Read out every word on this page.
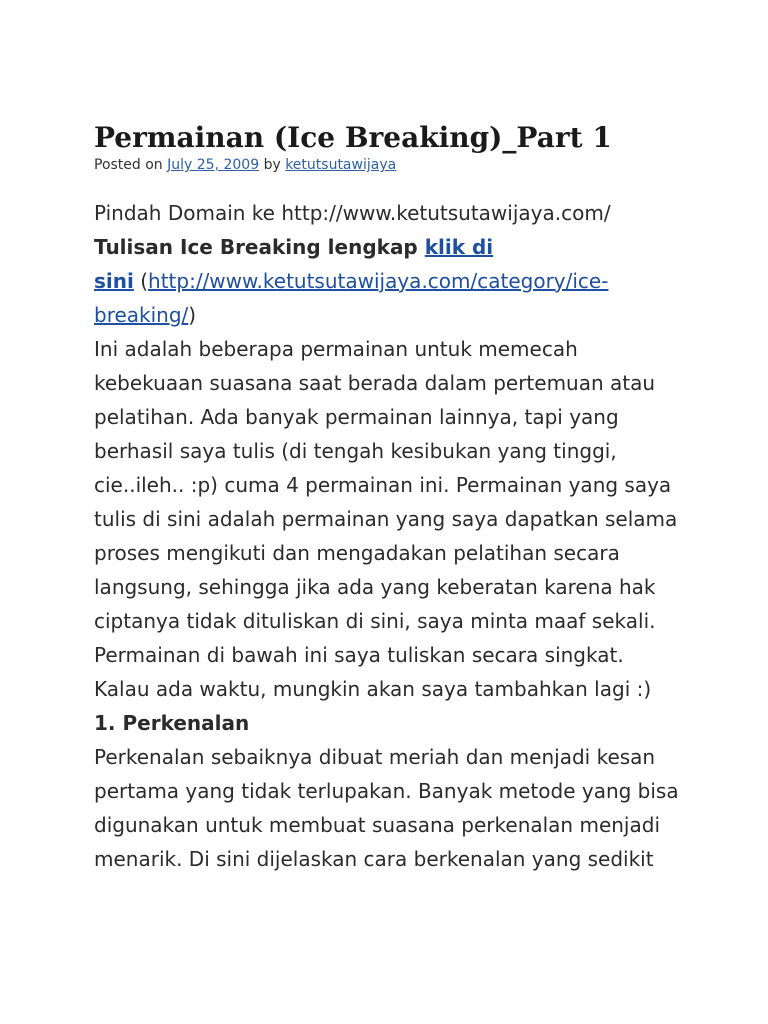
Permainan (Ice Breaking)_Part 1
Posted on July 25, 2009 by ketutsutawijaya

Pindah Domain ke http://www.ketutsutawijaya.com/

Tulisan Ice Breaking lengkap klik di
sini (http://www.ketutsutawijaya.com/category/ice-
breaking/)

Ini adalah beberapa permainan untuk memecah kebekuaan suasana saat berada dalam pertemuan atau pelatihan. Ada banyak permainan lainnya, tapi yang berhasil saya tulis (di tengah kesibukan yang tinggi, cie..ileh.. :p) cuma 4 permainan ini. Permainan yang saya tulis di sini adalah permainan yang saya dapatkan selama proses mengikuti dan mengadakan pelatihan secara langsung, sehingga jika ada yang keberatan karena hak ciptanya tidak dituliskan di sini, saya minta maaf sekali. Permainan di bawah ini saya tuliskan secara singkat. Kalau ada waktu, mungkin akan saya tambahkan lagi :)

1. Perkenalan

Perkenalan sebaiknya dibuat meriah dan menjadi kesan pertama yang tidak terlupakan. Banyak metode yang bisa digunakan untuk membuat suasana perkenalan menjadi menarik. Di sini dijelaskan cara berkenalan yang sedikit
